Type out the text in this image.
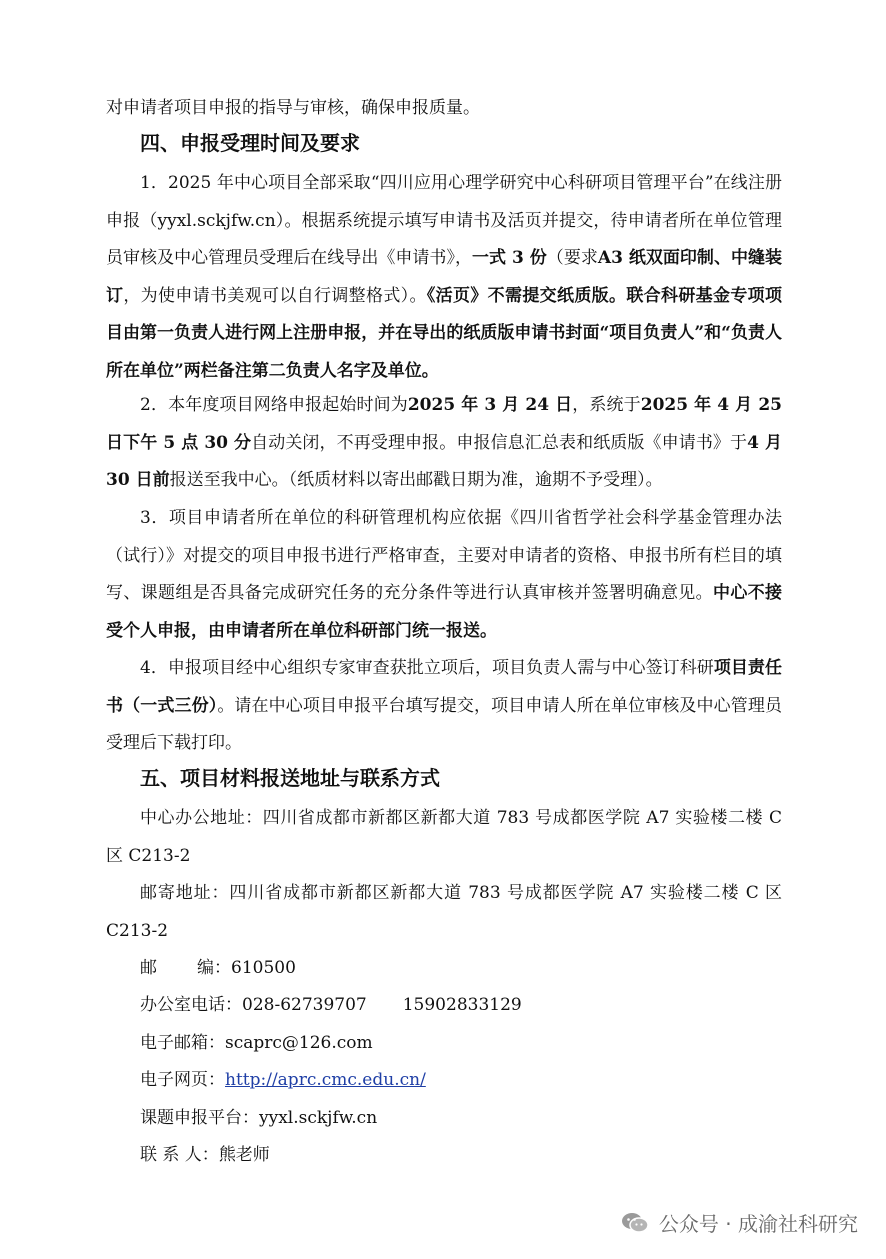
对申请者项目申报的指导与审核，确保申报质量。

四、申报受理时间及要求

1．2025 年中心项目全部采取“四川应用心理学研究中心科研项目管理平台”在线注册申报（yyxl.sckjfw.cn）。根据系统提示填写申请书及活页并提交，待申请者所在单位管理员审核及中心管理员受理后在线导出《申请书》，一式 3 份（要求A3 纸双面印制、中缝装订，为使申请书美观可以自行调整格式）。《活页》不需提交纸质版。联合科研基金专项项目由第一负责人进行网上注册申报，并在导出的纸质版申请书封面“项目负责人”和“负责人所在单位”两栏备注第二负责人名字及单位。

2．本年度项目网络申报起始时间为2025 年 3 月 24 日，系统于2025 年 4 月 25 日下午 5 点 30 分自动关闭，不再受理申报。申报信息汇总表和纸质版《申请书》于4 月 30 日前报送至我中心。（纸质材料以寄出邮戳日期为准，逾期不予受理）。

3．项目申请者所在单位的科研管理机构应依据《四川省哲学社会科学基金管理办法（试行）》对提交的项目申报书进行严格审查，主要对申请者的资格、申报书所有栏目的填写、课题组是否具备完成研究任务的充分条件等进行认真审核并签署明确意见。中心不接受个人申报，由申请者所在单位科研部门统一报送。

4．申报项目经中心组织专家审查获批立项后，项目负责人需与中心签订科研项目责任书（一式三份）。请在中心项目申报平台填写提交，项目申请人所在单位审核及中心管理员受理后下载打印。

五、项目材料报送地址与联系方式

中心办公地址：四川省成都市新都区新都大道 783 号成都医学院 A7 实验楼二楼 C 区 C213-2

邮寄地址：四川省成都市新都区新都大道 783 号成都医学院 A7 实验楼二楼 C 区 C213-2

邮 编：610500

办公室电话：028-62739707 15902833129

电子邮箱：scaprc@126.com

电子网页：http://aprc.cmc.edu.cn/

课题申报平台：yyxl.sckjfw.cn

联 系 人：熊老师

公众号 · 成渝社科研究
